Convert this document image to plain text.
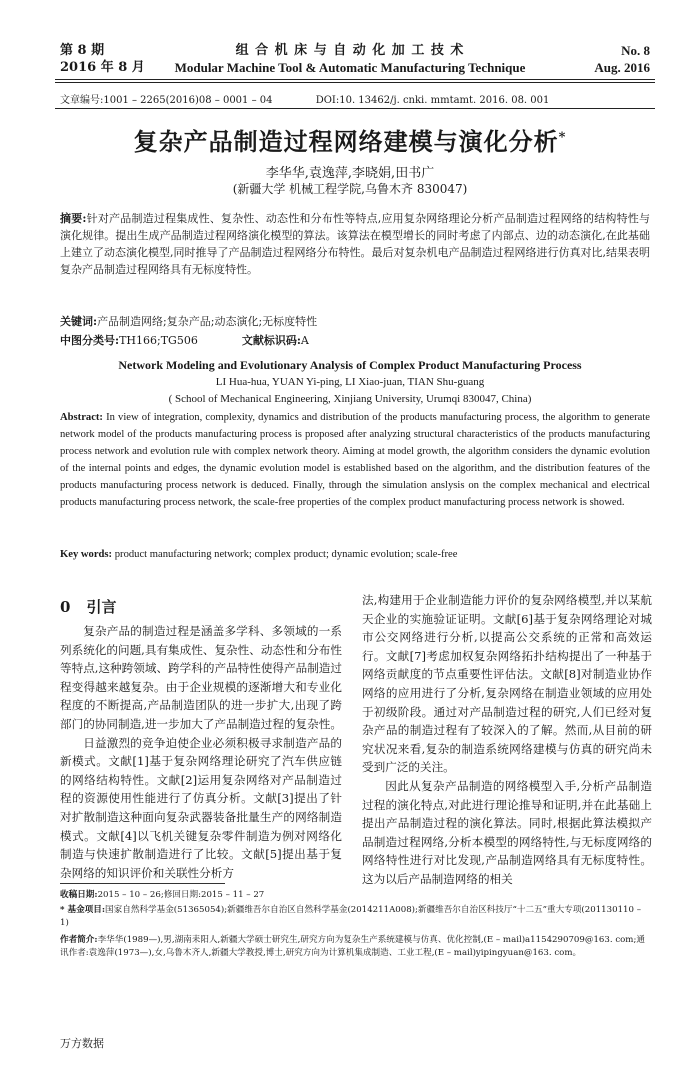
第 8 期
2016 年 8 月
组 合 机 床 与 自 动 化 加 工 技 术
Modular Machine Tool & Automatic Manufacturing Technique
No. 8
Aug. 2016
文章编号:1001 – 2265(2016)08 – 0001 – 04	DOI:10. 13462/j. cnki. mmtamt. 2016. 08. 001
复杂产品制造过程网络建模与演化分析*
李华华,袁逸萍,李晓娟,田书广
(新疆大学 机械工程学院,乌鲁木齐 830047)
摘要:针对产品制造过程集成性、复杂性、动态性和分布性等特点,应用复杂网络理论分析产品制造过程网络的结构特性与演化规律。提出生成产品制造过程网络演化模型的算法。该算法在模型增长的同时考虑了内部点、边的动态演化,在此基础上建立了动态演化模型,同时推导了产品制造过程网络分布特性。最后对复杂机电产品制造过程网络进行仿真对比,结果表明复杂产品制造过程网络具有无标度特性。
关键词:产品制造网络;复杂产品;动态演化;无标度特性
中图分类号:TH166;TG506	文献标识码:A
Network Modeling and Evolutionary Analysis of Complex Product Manufacturing Process
LI Hua-hua, YUAN Yi-ping, LI Xiao-juan, TIAN Shu-guang
( School of Mechanical Engineering, Xinjiang University, Urumqi 830047, China)
Abstract: In view of integration, complexity, dynamics and distribution of the products manufacturing process, the algorithm to generate network model of the products manufacturing process is proposed after analyzing structural characteristics of the products manufacturing process network and evolution rule with complex network theory. Aiming at model growth, the algorithm considers the dynamic evolution of the internal points and edges, the dynamic evolution model is established based on the algorithm, and the distribution features of the products manufacturing process network is deduced. Finally, through the simulation anslysis on the complex mechanical and electrical products manufacturing process network, the scale-free properties of the complex product manufacturing process network is showed.
Key words: product manufacturing network; complex product; dynamic evolution; scale-free
0 引言

复杂产品的制造过程是涵盖多学科、多领域的一系列系统化的问题,具有集成性、复杂性、动态性和分布性等特点,这种跨领域、跨学科的产品特性使得产品制造过程变得越来越复杂。由于企业规模的逐渐增大和专业化程度的不断提高,产品制造团队的进一步扩大,出现了跨部门的协同制造,进一步加大了产品制造过程的复杂性。

日益激烈的竞争迫使企业必须积极寻求制造产品的新模式。文献[1]基于复杂网络理论研究了汽车供应链的网络结构特性。文献[2]运用复杂网络对产品制造过程的资源使用性能进行了仿真分析。文献[3]提出了针对扩散制造这种面向复杂武器装备批量生产的网络制造模式。文献[4]以飞机关键复杂零件制造为例对网络化制造与快速扩散制造进行了比较。文献[5]提出基于复杂网络的知识评价和关联性分析方

法,构建用于企业制造能力评价的复杂网络模型,并以某航天企业的实施验证证明。文献[6]基于复杂网络理论对城市公交网络进行分析,以提高公交系统的正常和高效运行。文献[7]考虑加权复杂网络拓扑结构提出了一种基于网络贡献度的节点重要性评估法。文献[8]对制造业协作网络的应用进行了分析,复杂网络在制造业领域的应用处于初级阶段。通过对产品制造过程的研究,人们已经对复杂产品的制造过程有了较深入的了解。然而,从目前的研究状况来看,复杂的制造系统网络建模与仿真的研究尚未受到广泛的关注。

因此从复杂产品制造的网络模型入手,分析产品制造过程的演化特点,对此进行理论推导和证明,并在此基础上提出产品制造过程的演化算法。同时,根据此算法模拟产品制造过程网络,分析本模型的网络特性,与无标度网络的网络特性进行对比发现,产品制造网络具有无标度特性。这为以后产品制造网络的相关

收稿日期:2015 – 10 – 26;修回日期:2015 – 11 – 27
* 基金项目:国家自然科学基金(51365054);新疆维吾尔自治区自然科学基金(2014211A008);新疆维吾尔自治区科技厅“十二五”重大专项(201130110 – 1)
作者简介:李华华(1989—),男,湖南耒阳人,新疆大学硕士研究生,研究方向为复杂生产系统建模与仿真、优化控制,(E – mail)a1154290709@163. com;通讯作者:袁逸萍(1973—),女,乌鲁木齐人,新疆大学教授,博士,研究方向为计算机集成制造、工业工程,(E – mail)yipingyuan@163. com。
万方数据
